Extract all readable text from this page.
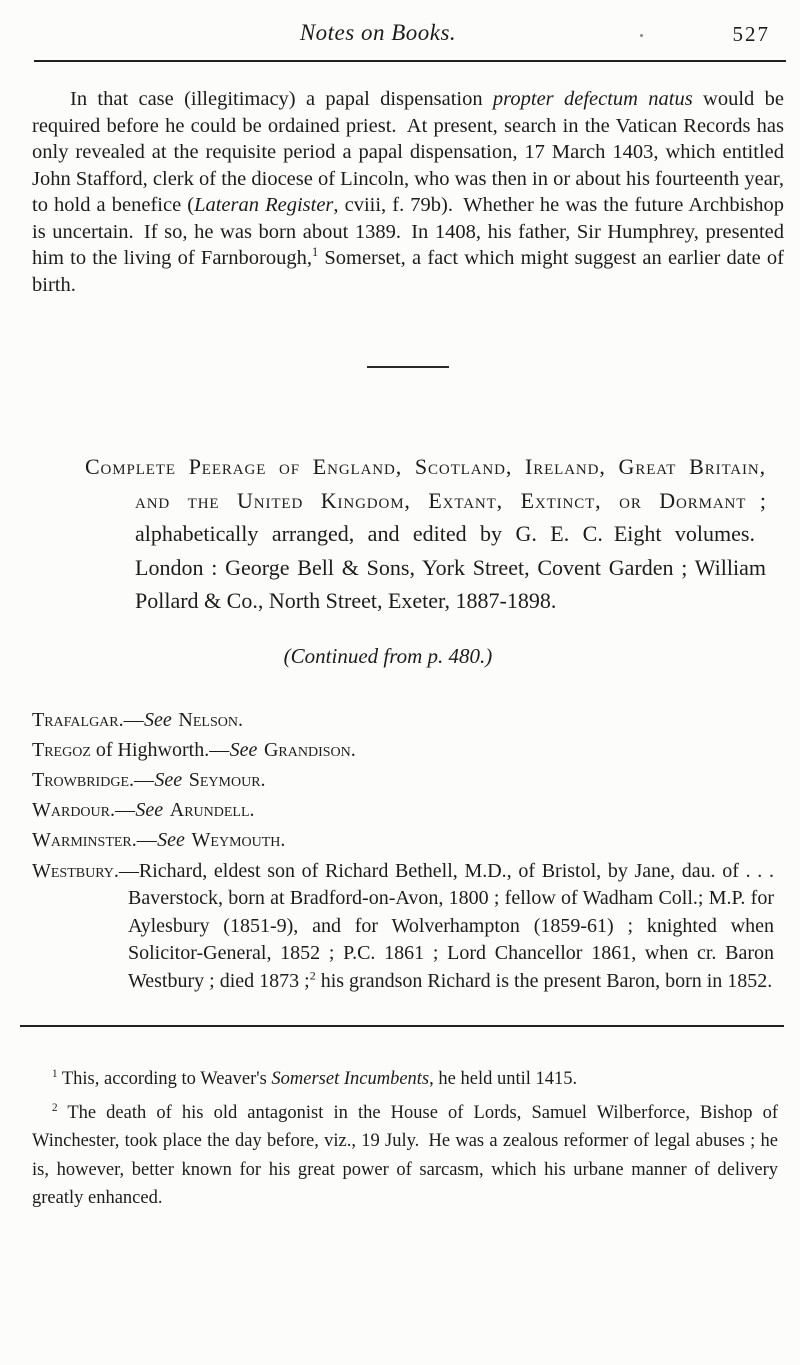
Notes on Books.	527

In that case (illegitimacy) a papal dispensation propter defectum natus would be required before he could be ordained priest. At present, search in the Vatican Records has only revealed at the requisite period a papal dispensation, 17 March 1403, which entitled John Stafford, clerk of the diocese of Lincoln, who was then in or about his fourteenth year, to hold a benefice (Lateran Register, cviii, f. 79b). Whether he was the future Archbishop is uncertain. If so, he was born about 1389. In 1408, his father, Sir Humphrey, presented him to the living of Farnborough,$^1$ Somerset, a fact which might suggest an earlier date of birth.

Complete Peerage of England, Scotland, Ireland, Great Britain, and the United Kingdom, Extant, Extinct, or Dormant ; alphabetically arranged, and edited by G. E. C. Eight volumes. London : George Bell & Sons, York Street, Covent Garden ; William Pollard & Co., North Street, Exeter, 1887-1898.

(Continued from p. 480.)

Trafalgar.—See Nelson.
Tregoz of Highworth.—See Grandison.
Trowbridge.—See Seymour.
Wardour.—See Arundell.
Warminster.—See Weymouth.
Westbury.—Richard, eldest son of Richard Bethell, M.D., of Bristol, by Jane, dau. of . . . Baverstock, born at Bradford-on-Avon, 1800 ; fellow of Wadham Coll.; M.P. for Aylesbury (1851-9), and for Wolverhampton (1859-61) ; knighted when Solicitor-General, 1852 ; P.C. 1861 ; Lord Chancellor 1861, when cr. Baron Westbury ; died 1873 ;$^2$ his grandson Richard is the present Baron, born in 1852.

$^1$ This, according to Weaver's Somerset Incumbents, he held until 1415.

$^2$ The death of his old antagonist in the House of Lords, Samuel Wilberforce, Bishop of Winchester, took place the day before, viz., 19 July. He was a zealous reformer of legal abuses ; he is, however, better known for his great power of sarcasm, which his urbane manner of delivery greatly enhanced.
